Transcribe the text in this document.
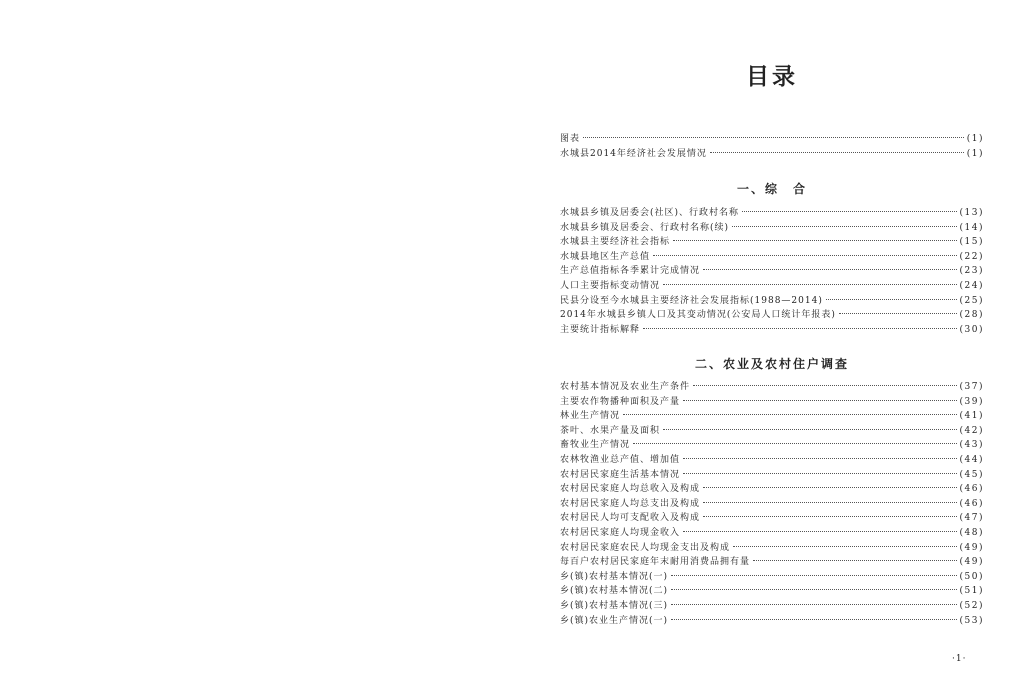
目录
图表	(1)
水城县2014年经济社会发展情况	(1)
一、综　合
水城县乡镇及居委会(社区)、行政村名称	(13)
水城县乡镇及居委会、行政村名称(续)	(14)
水城县主要经济社会指标	(15)
水城县地区生产总值	(22)
生产总值指标各季累计完成情况	(23)
人口主要指标变动情况	(24)
民县分设至今水城县主要经济社会发展指标(1988—2014)	(25)
2014年水城县乡镇人口及其变动情况(公安局人口统计年报表)	(28)
主要统计指标解释	(30)
二、农业及农村住户调查
农村基本情况及农业生产条件	(37)
主要农作物播种面积及产量	(39)
林业生产情况	(41)
茶叶、水果产量及面积	(42)
畜牧业生产情况	(43)
农林牧渔业总产值、增加值	(44)
农村居民家庭生活基本情况	(45)
农村居民家庭人均总收入及构成	(46)
农村居民家庭人均总支出及构成	(46)
农村居民人均可支配收入及构成	(47)
农村居民家庭人均现金收入	(48)
农村居民家庭农民人均现金支出及构成	(49)
每百户农村居民家庭年末耐用消费品拥有量	(49)
乡(镇)农村基本情况(一)	(50)
乡(镇)农村基本情况(二)	(51)
乡(镇)农村基本情况(三)	(52)
乡(镇)农业生产情况(一)	(53)
·1·
